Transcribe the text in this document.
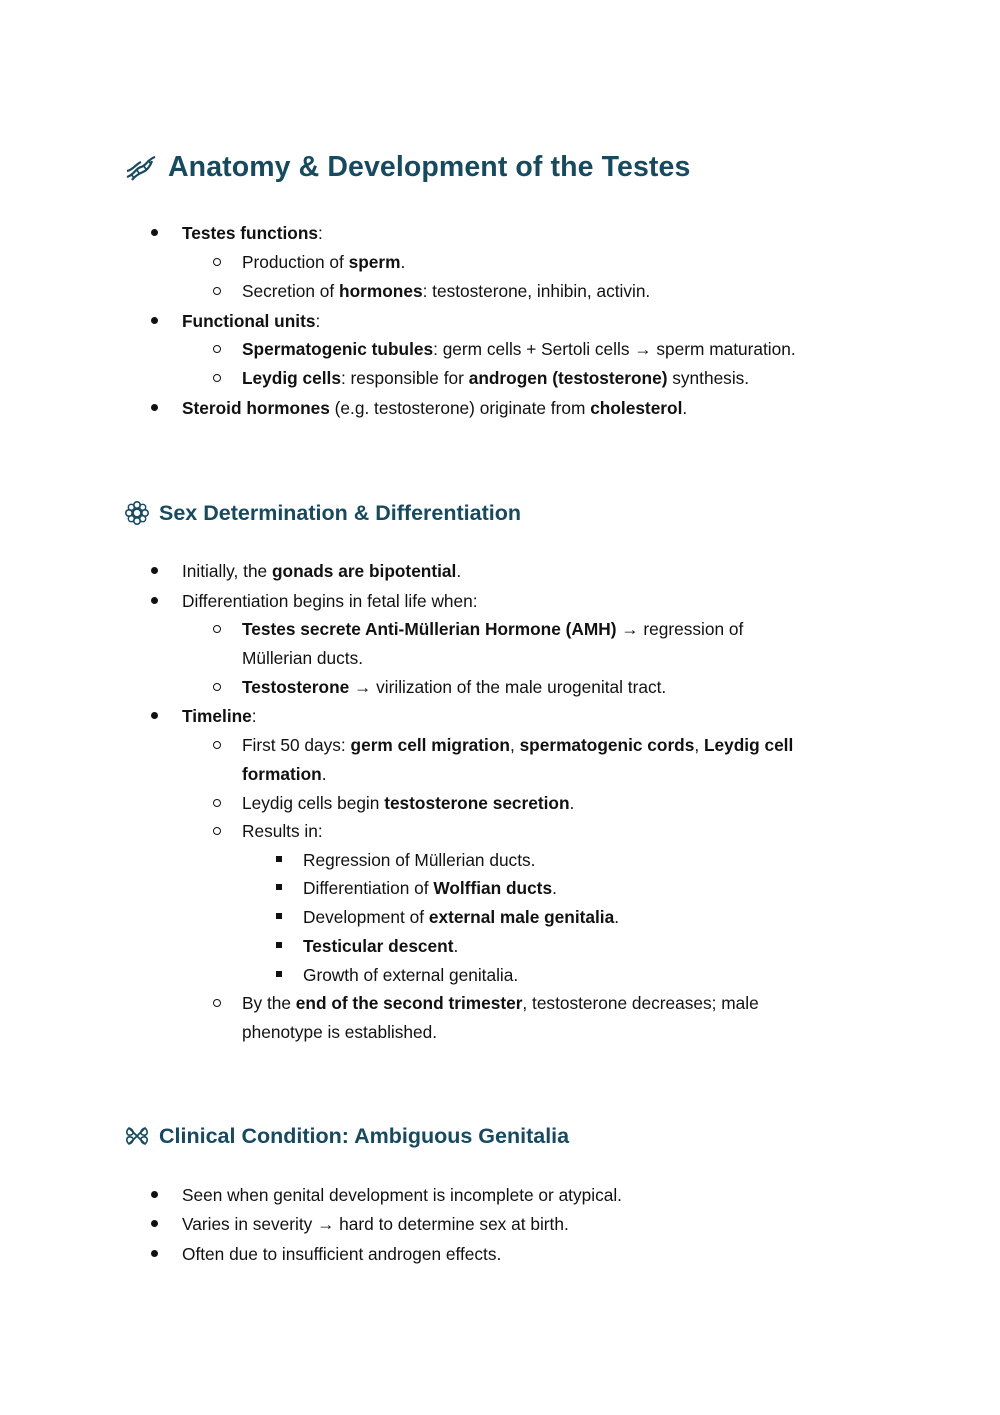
Anatomy & Development of the Testes
Testes functions:
Production of sperm.
Secretion of hormones: testosterone, inhibin, activin.
Functional units:
Spermatogenic tubules: germ cells + Sertoli cells → sperm maturation.
Leydig cells: responsible for androgen (testosterone) synthesis.
Steroid hormones (e.g. testosterone) originate from cholesterol.
Sex Determination & Differentiation
Initially, the gonads are bipotential.
Differentiation begins in fetal life when:
Testes secrete Anti-Müllerian Hormone (AMH) → regression of
Müllerian ducts.
Testosterone → virilization of the male urogenital tract.
Timeline:
First 50 days: germ cell migration, spermatogenic cords, Leydig cell
formation.
Leydig cells begin testosterone secretion.
Results in:
Regression of Müllerian ducts.
Differentiation of Wolffian ducts.
Development of external male genitalia.
Testicular descent.
Growth of external genitalia.
By the end of the second trimester, testosterone decreases; male
phenotype is established.
Clinical Condition: Ambiguous Genitalia
Seen when genital development is incomplete or atypical.
Varies in severity → hard to determine sex at birth.
Often due to insufficient androgen effects.
